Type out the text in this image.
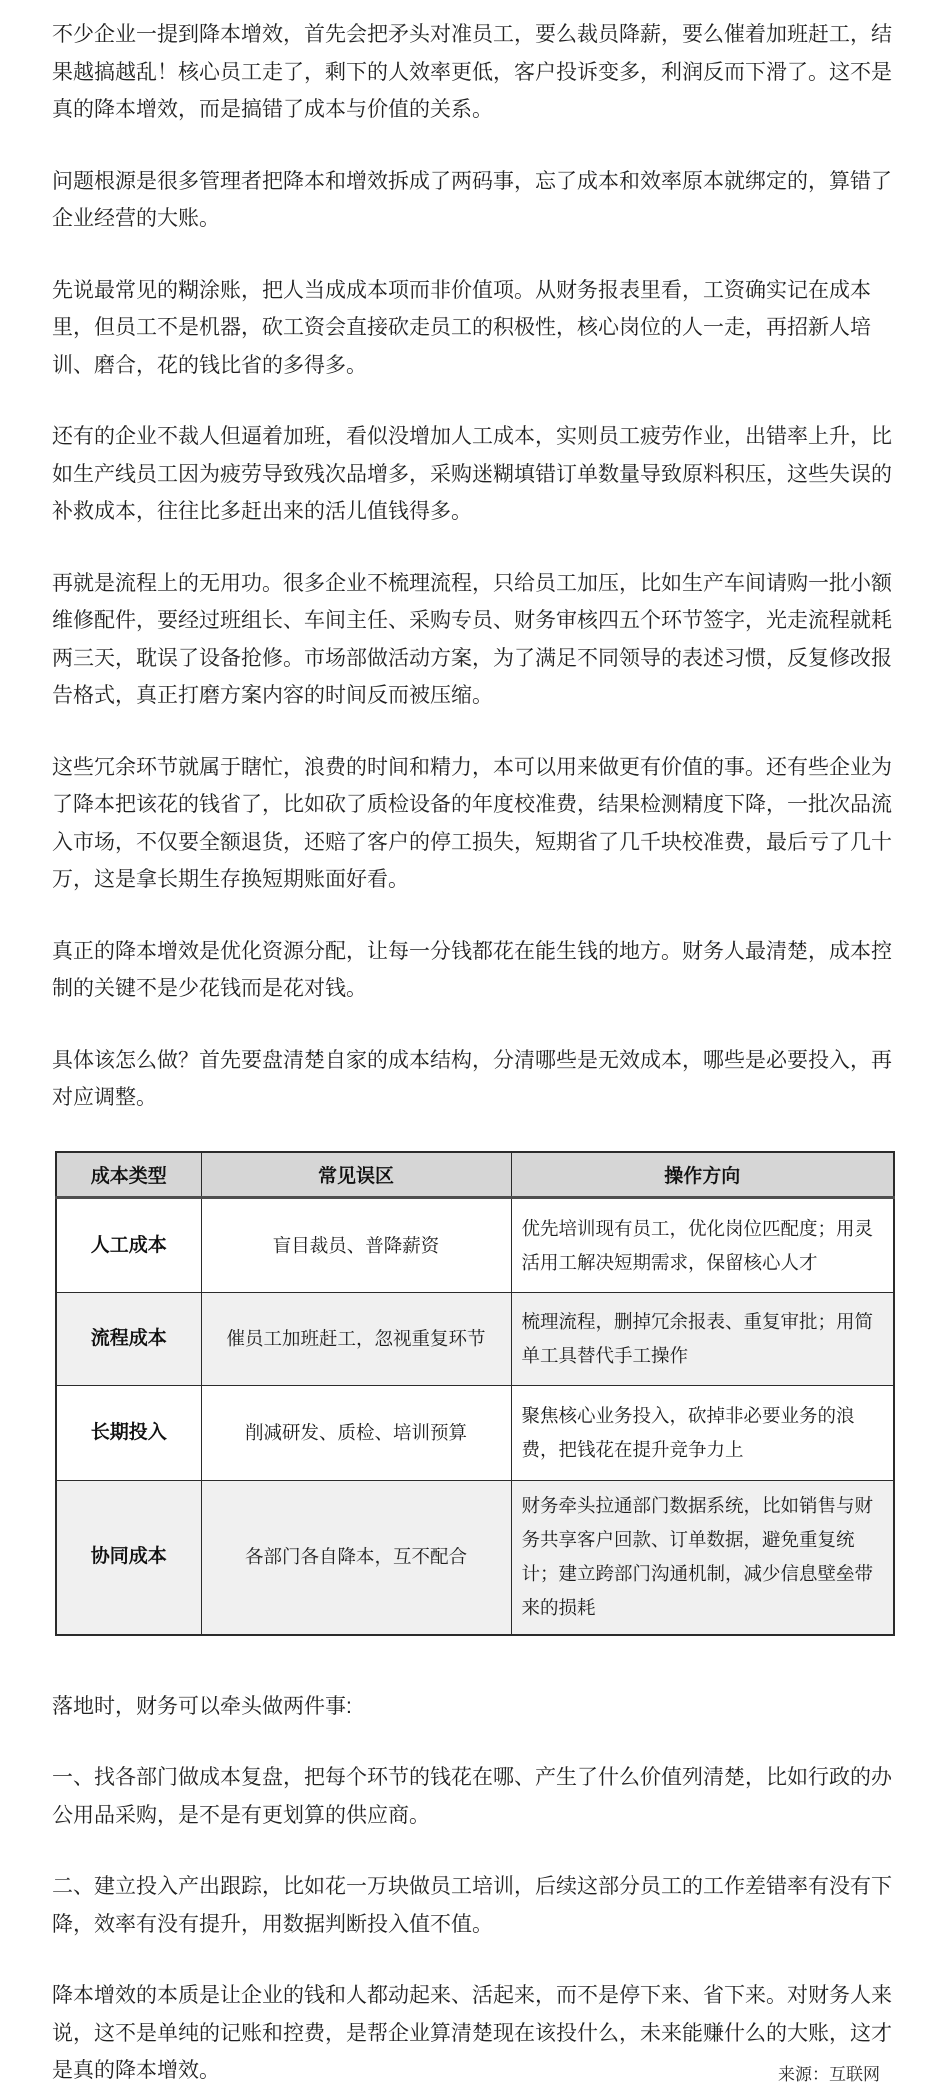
不少企业一提到降本增效，首先会把矛头对准员工，要么裁员降薪，要么催着加班赶工，结果越搞越乱！核心员工走了，剩下的人效率更低，客户投诉变多，利润反而下滑了。这不是真的降本增效，而是搞错了成本与价值的关系。

问题根源是很多管理者把降本和增效拆成了两码事，忘了成本和效率原本就绑定的，算错了企业经营的大账。

先说最常见的糊涂账，把人当成成本项而非价值项。从财务报表里看，工资确实记在成本里，但员工不是机器，砍工资会直接砍走员工的积极性，核心岗位的人一走，再招新人培训、磨合，花的钱比省的多得多。

还有的企业不裁人但逼着加班，看似没增加人工成本，实则员工疲劳作业，出错率上升，比如生产线员工因为疲劳导致残次品增多，采购迷糊填错订单数量导致原料积压，这些失误的补救成本，往往比多赶出来的活儿值钱得多。

再就是流程上的无用功。很多企业不梳理流程，只给员工加压，比如生产车间请购一批小额维修配件，要经过班组长、车间主任、采购专员、财务审核四五个环节签字，光走流程就耗两三天，耽误了设备抢修。市场部做活动方案，为了满足不同领导的表述习惯，反复修改报告格式，真正打磨方案内容的时间反而被压缩。

这些冗余环节就属于瞎忙，浪费的时间和精力，本可以用来做更有价值的事。还有些企业为了降本把该花的钱省了，比如砍了质检设备的年度校准费，结果检测精度下降，一批次品流入市场，不仅要全额退货，还赔了客户的停工损失，短期省了几千块校准费，最后亏了几十万，这是拿长期生存换短期账面好看。

真正的降本增效是优化资源分配，让每一分钱都花在能生钱的地方。财务人最清楚，成本控制的关键不是少花钱而是花对钱。

具体该怎么做？首先要盘清楚自家的成本结构，分清哪些是无效成本，哪些是必要投入，再对应调整。

成本类型	常见误区	操作方向
人工成本	盲目裁员、普降薪资	优先培训现有员工，优化岗位匹配度；用灵活用工解决短期需求，保留核心人才
流程成本	催员工加班赶工，忽视重复环节	梳理流程，删掉冗余报表、重复审批；用简单工具替代手工操作
长期投入	削减研发、质检、培训预算	聚焦核心业务投入，砍掉非必要业务的浪费，把钱花在提升竞争力上
协同成本	各部门各自降本，互不配合	财务牵头拉通部门数据系统，比如销售与财务共享客户回款、订单数据，避免重复统计；建立跨部门沟通机制，减少信息壁垒带来的损耗

落地时，财务可以牵头做两件事:

一、找各部门做成本复盘，把每个环节的钱花在哪、产生了什么价值列清楚，比如行政的办公用品采购，是不是有更划算的供应商。

二、建立投入产出跟踪，比如花一万块做员工培训，后续这部分员工的工作差错率有没有下降，效率有没有提升，用数据判断投入值不值。

降本增效的本质是让企业的钱和人都动起来、活起来，而不是停下来、省下来。对财务人来说，这不是单纯的记账和控费，是帮企业算清楚现在该投什么，未来能赚什么的大账，这才是真的降本增效。	来源：互联网
